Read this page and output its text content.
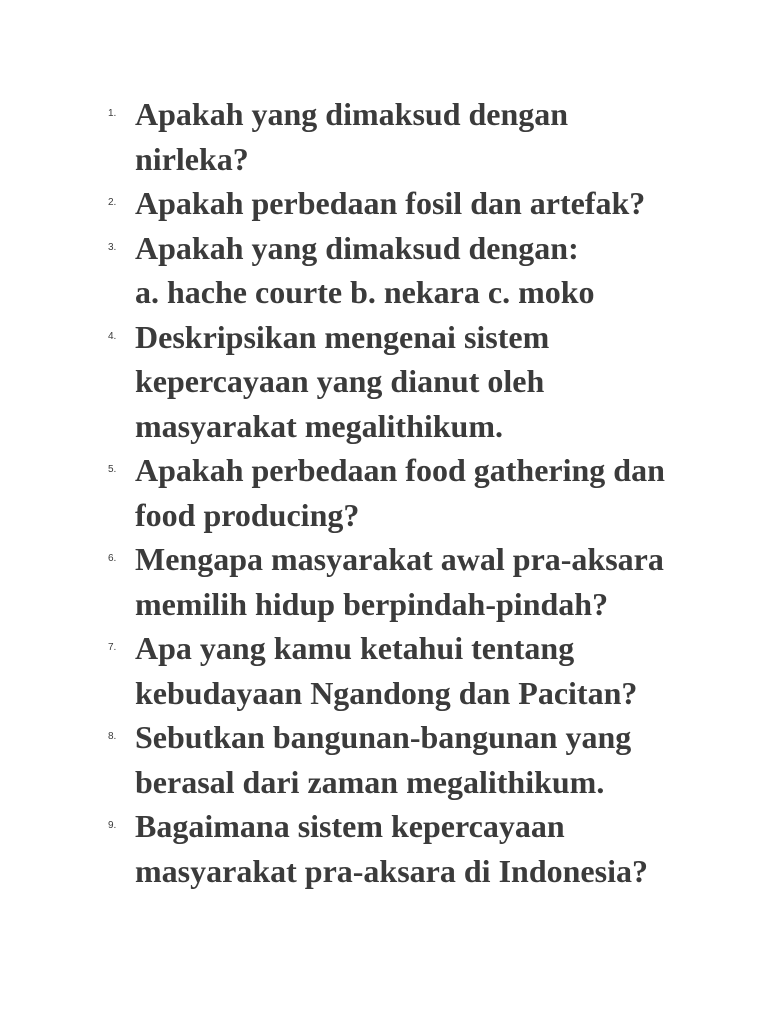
1. Apakah yang dimaksud dengan
nirleka?
2. Apakah perbedaan fosil dan artefak?
3. Apakah yang dimaksud dengan:
a. hache courte b. nekara c. moko
4. Deskripsikan mengenai sistem
kepercayaan yang dianut oleh
masyarakat megalithikum.
5. Apakah perbedaan food gathering dan
food producing?
6. Mengapa masyarakat awal pra-aksara
memilih hidup berpindah-pindah?
7. Apa yang kamu ketahui tentang
kebudayaan Ngandong dan Pacitan?
8. Sebutkan bangunan-bangunan yang
berasal dari zaman megalithikum.
9. Bagaimana sistem kepercayaan
masyarakat pra-aksara di Indonesia?
